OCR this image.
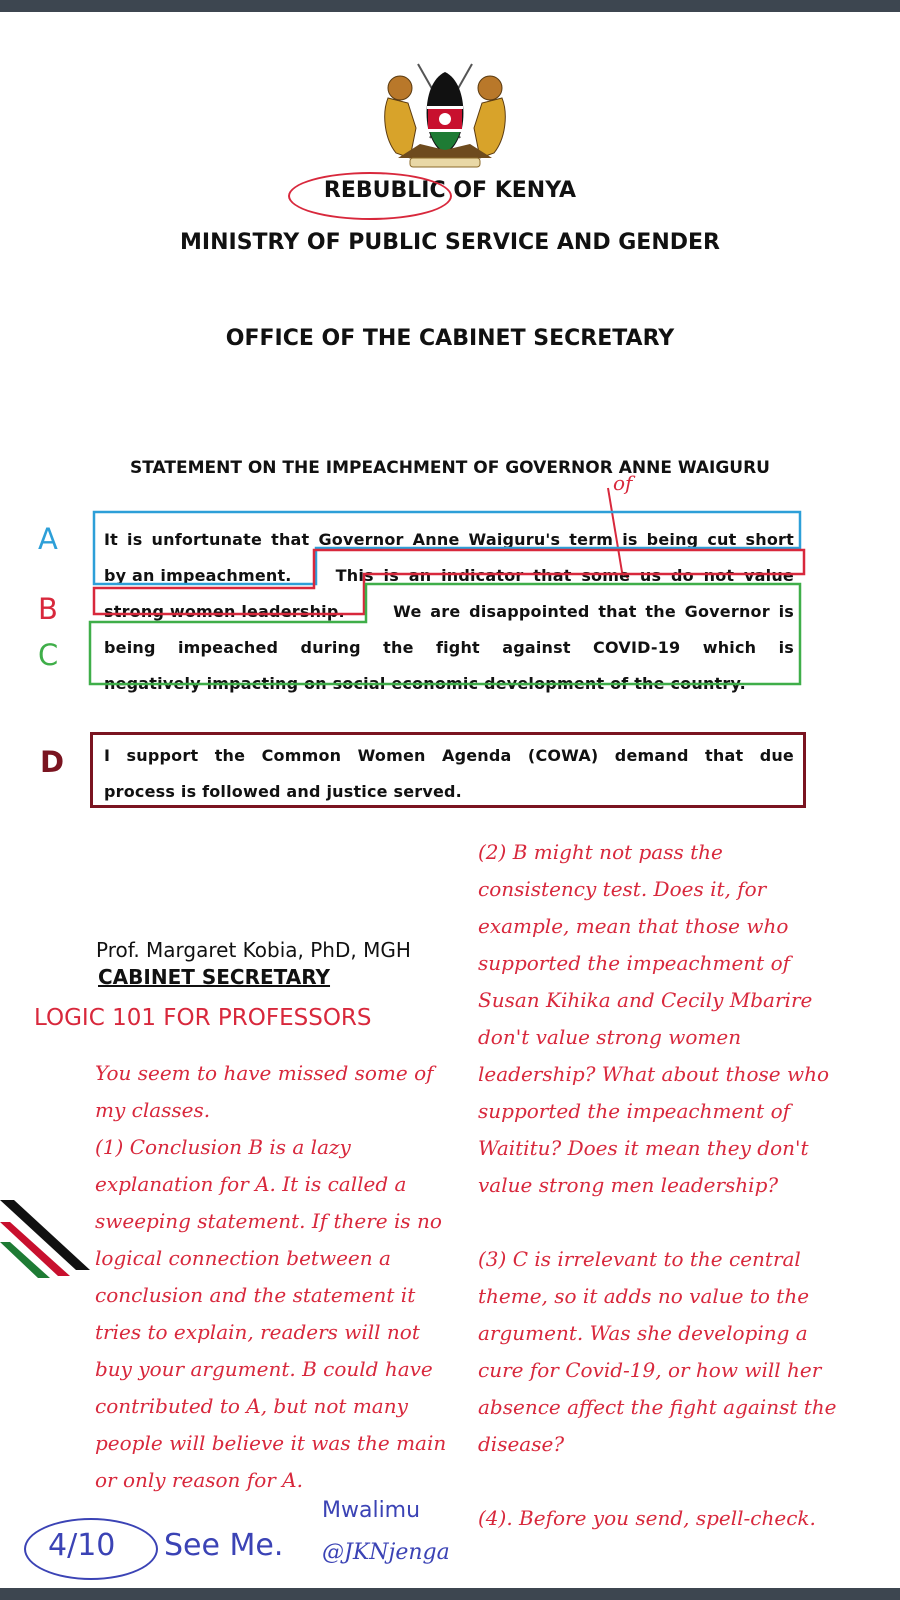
REBUBLIC OF KENYA
MINISTRY OF PUBLIC SERVICE AND GENDER
OFFICE OF THE CABINET SECRETARY
STATEMENT ON THE IMPEACHMENT OF GOVERNOR ANNE WAIGURU
of
It is unfortunate that Governor Anne Waiguru's term is being cut short
by an impeachment.	This is an indicator that some us do not value
strong women leadership.	We are disappointed that the Governor is
being impeached during the fight against COVID-19 which is
negatively impacting on social economic development of the country.
A
B
C
D I support the Common Women Agenda (COWA) demand that due
process is followed and justice served.
Prof. Margaret Kobia, PhD, MGH
CABINET SECRETARY
LOGIC 101 FOR PROFESSORS
You seem to have missed some of
my classes.
(1) Conclusion B is a lazy
explanation for A. It is called a
sweeping statement. If there is no
logical connection between a
conclusion and the statement it
tries to explain, readers will not
buy your argument. B could have
contributed to A, but not many
people will believe it was the main
or only reason for A.
(2) B might not pass the
consistency test. Does it, for
example, mean that those who
supported the impeachment of
Susan Kihika and Cecily Mbarire
don't value strong women
leadership? What about those who
supported the impeachment of
Waititu? Does it mean they don't
value strong men leadership?
(3) C is irrelevant to the central
theme, so it adds no value to the
argument. Was she developing a
cure for Covid-19, or how will her
absence affect the fight against the
disease?
(4). Before you send, spell-check.
4/10 See Me.
Mwalimu
@JKNjenga
